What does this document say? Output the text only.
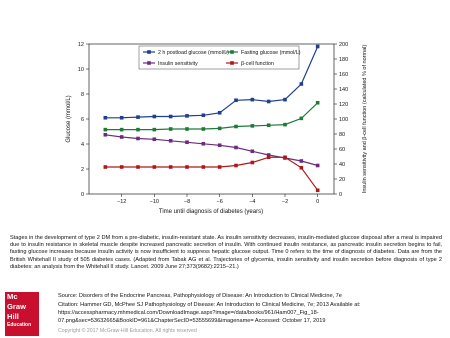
−12	−10	−8	−6	−4	−2	0
0
2
4
6
8
10
12
0
20
40
60
80
100
120
140
160
180
200
2 h postload glucose (mmol/L) Fasting glucose (mmol/L)
Insulin sensitivity	β-cell function
Time until diagnosis of diabetes (years)
Glucose (mmol/L)	Insulin sensitivity and β-cell function (calculated % of normal)
Stages in the development of type 2 DM from a pre-diabetic, insulin-resistant state. As insulin sensitivity decreases, insulin-mediated glucose disposal after a meal is impaired due to insulin resistance in skeletal muscle despite increased pancreatic secretion of insulin. With continued insulin resistance, as pancreatic insulin secretion begins to fail, fasting glucose increases because insulin activity is now insufficient to suppress hepatic glucose output. Time 0 refers to the time of diagnosis of diabetes. Data are from the British Whitehall II study of 505 diabetes cases. (Adapted from Tabak AG et al. Trajectories of glycemia, insulin sensitivity and insulin secretion before diagnosis of type 2 diabetes: an analysis from the Whitehall II study. Lancet. 2009 June 27;373(9682):2215–21.)
Mc
Graw
Hill
Education
Source: Disorders of the Endocrine Pancreas, Pathophysiology of Disease: An Introduction to Clinical Medicine, 7e
Citation: Hammer GD, McPhee SJ Pathophysiology of Disease: An Introduction to Clinical Medicine, 7e; 2013 Available at:
https://accesspharmacy.mhmedical.com/DownloadImage.aspx?image=/data/books/961/Ham007_Fig_18-
07.png&sec=53632665&BookID=961&ChapterSecID=53555699&imagename= Accessed: October 17, 2019
Copyright © 2017 McGraw-Hill Education. All rights reserved
